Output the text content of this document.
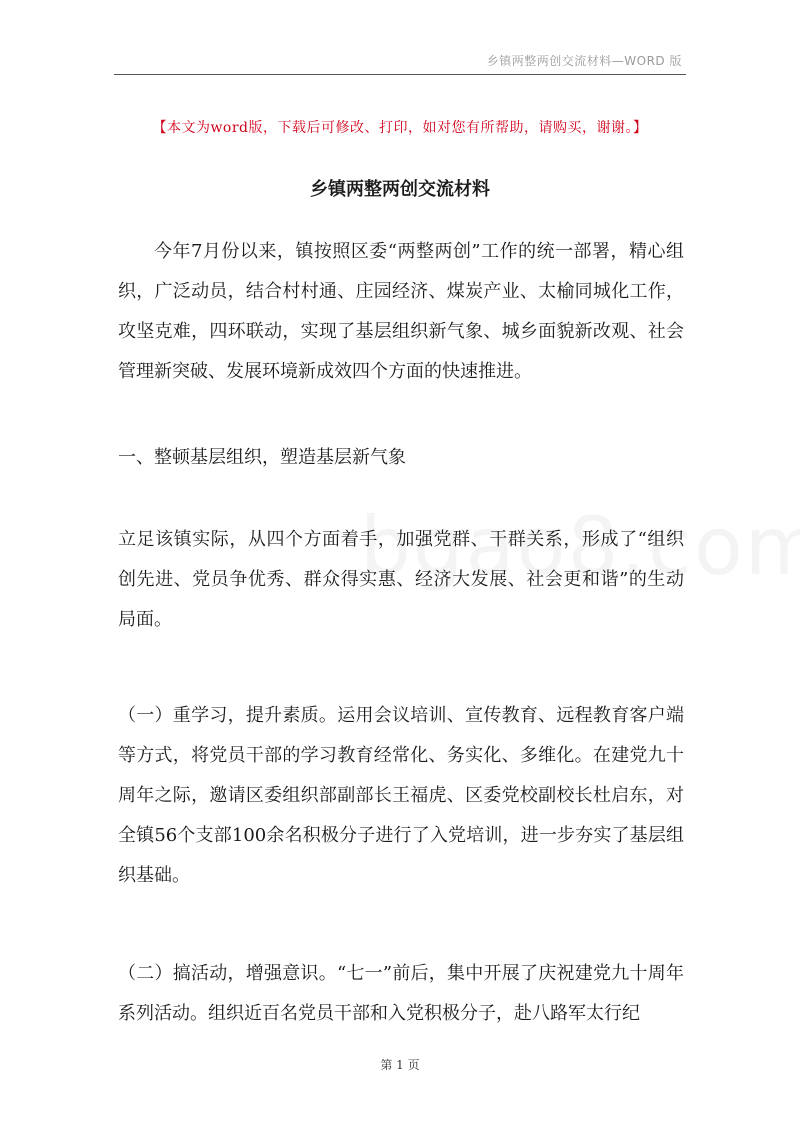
乡镇两整两创交流材料—WORD 版
【本文为word版，下载后可修改、打印，如对您有所帮助，请购买，谢谢。】
乡镇两整两创交流材料

今年7月份以来，镇按照区委“两整两创”工作的统一部署，精心组织，广泛动员，结合村村通、庄园经济、煤炭产业、太榆同城化工作，攻坚克难，四环联动，实现了基层组织新气象、城乡面貌新改观、社会管理新突破、发展环境新成效四个方面的快速推进。

一、整顿基层组织，塑造基层新气象

立足该镇实际，从四个方面着手，加强党群、干群关系，形成了“组织创先进、党员争优秀、群众得实惠、经济大发展、社会更和谐”的生动局面。

（一）重学习，提升素质。运用会议培训、宣传教育、远程教育客户端等方式，将党员干部的学习教育经常化、务实化、多维化。在建党九十周年之际，邀请区委组织部副部长王福虎、区委党校副校长杜启东，对全镇56个支部100余名积极分子进行了入党培训，进一步夯实了基层组织基础。

（二）搞活动，增强意识。“七一”前后，集中开展了庆祝建党九十周年系列活动。组织近百名党员干部和入党积极分子，赴八路军太行纪

第 1 页
